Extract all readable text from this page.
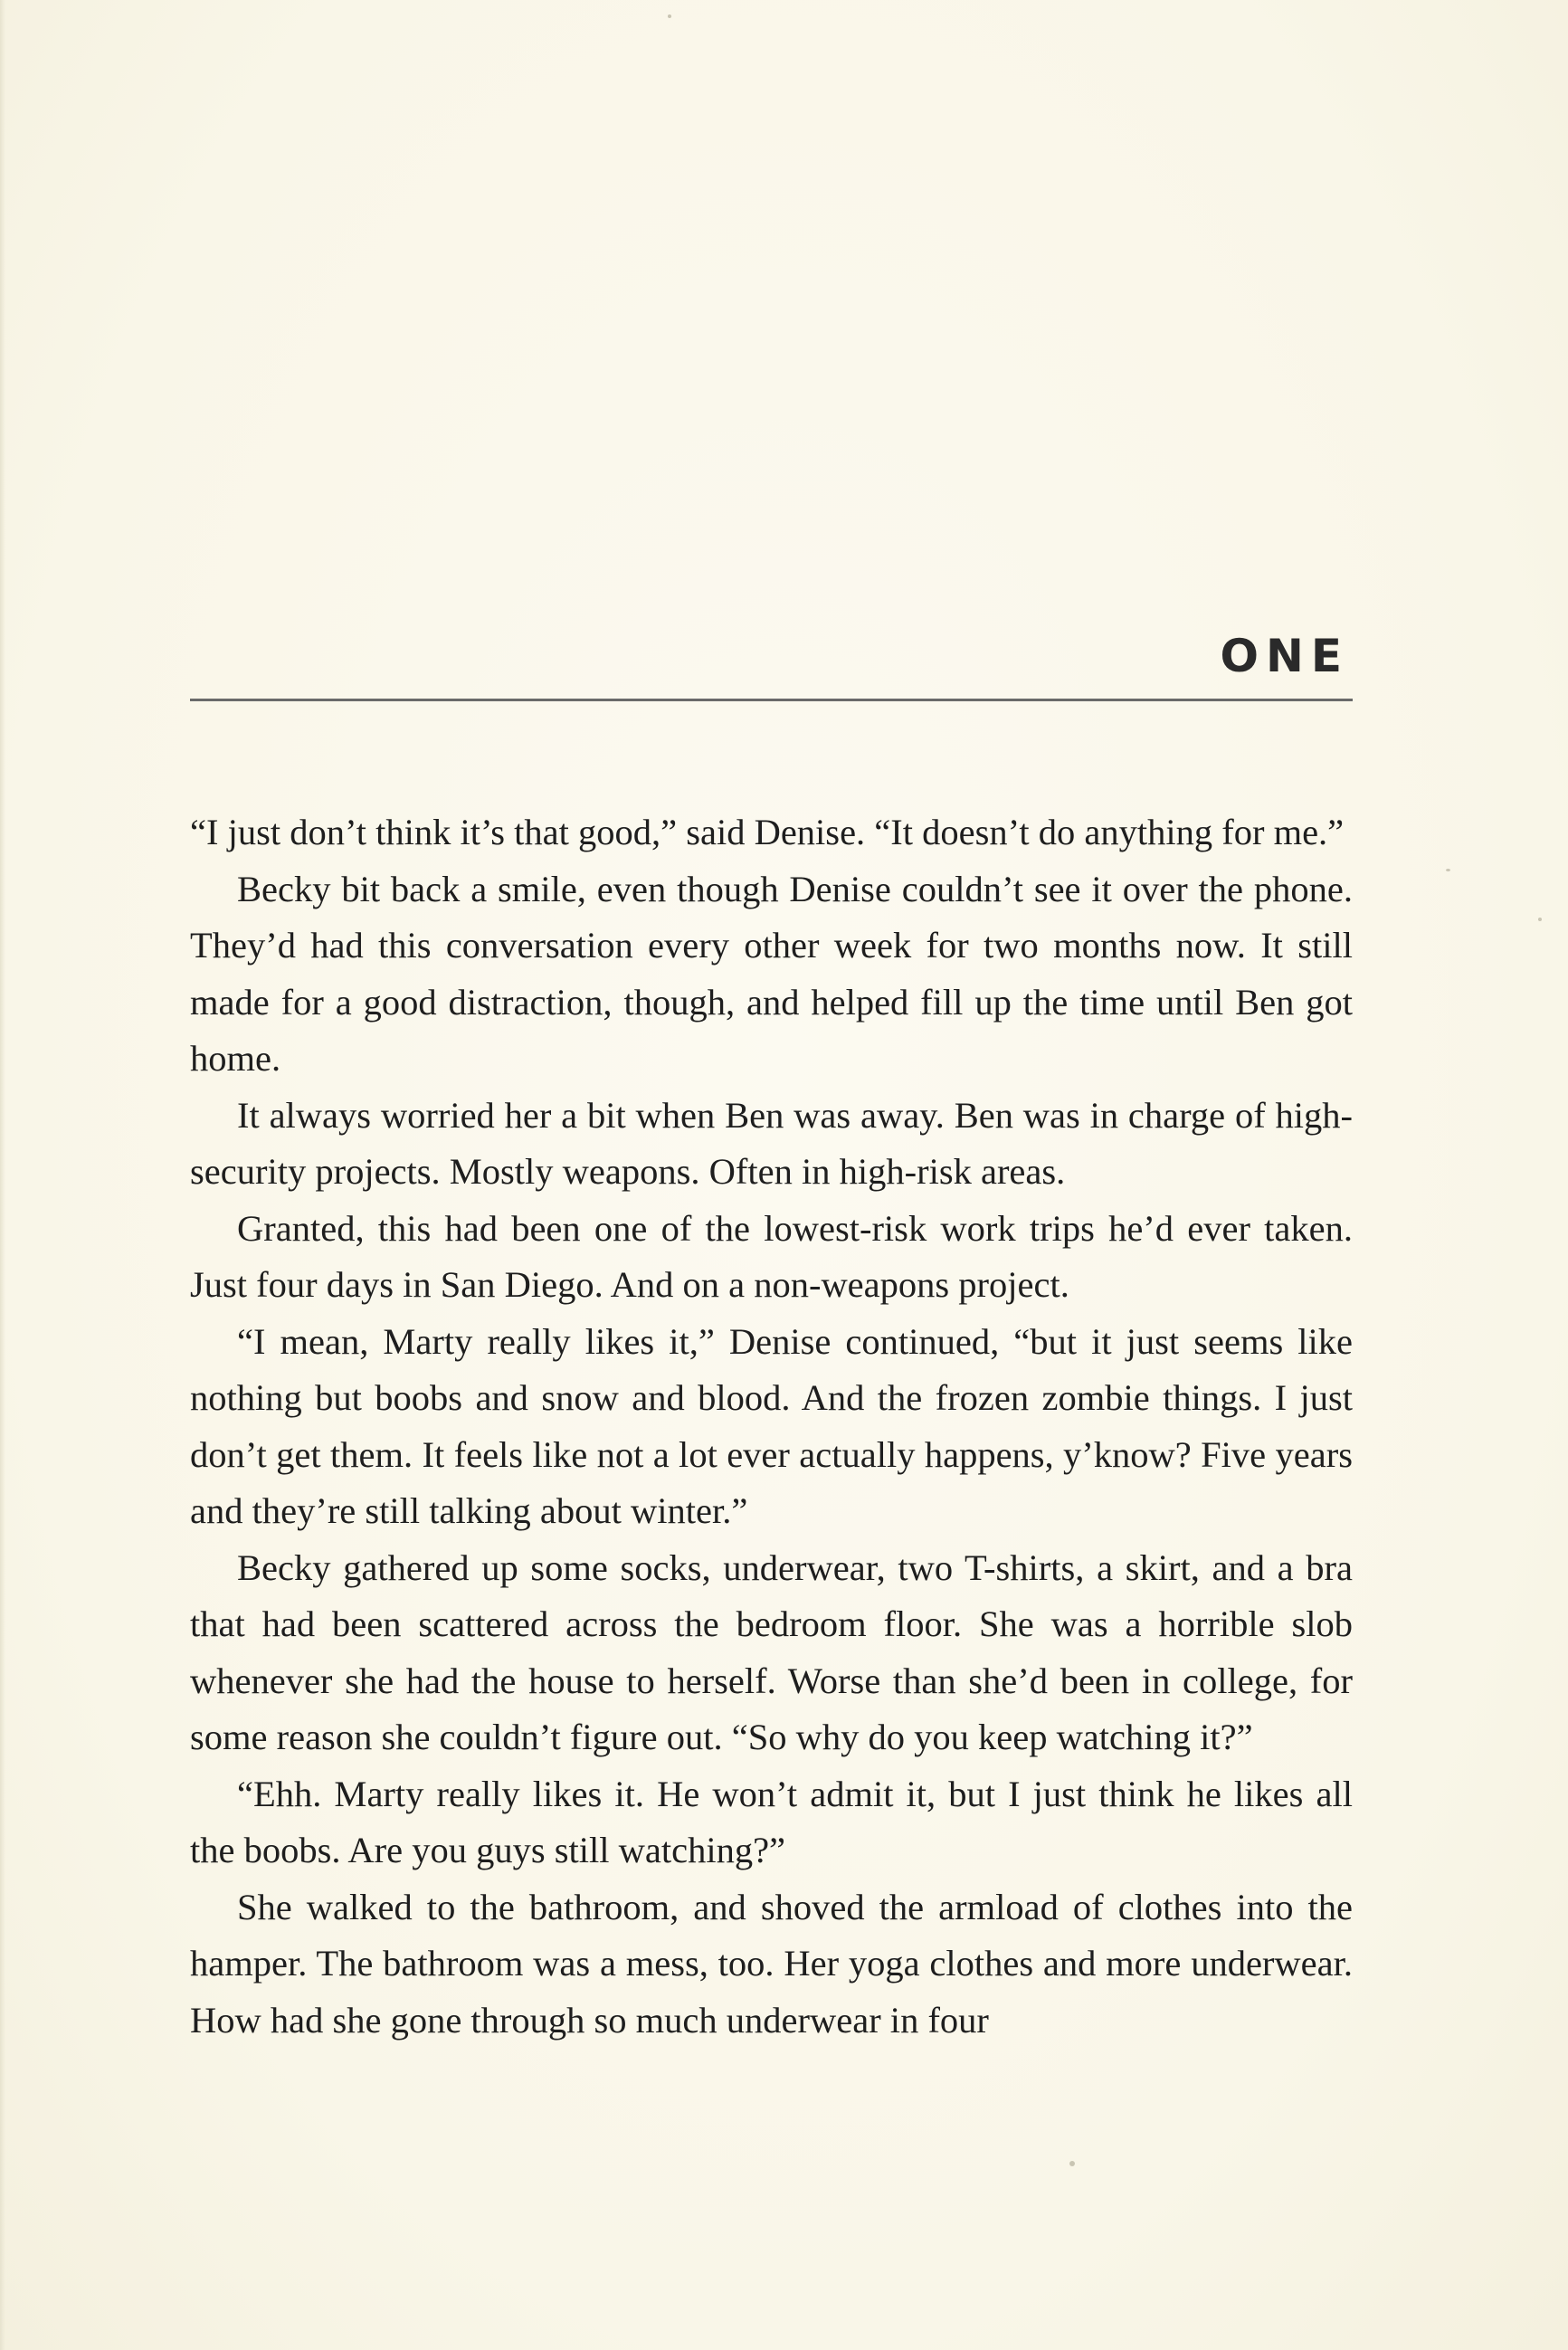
ONE

“I just don’t think it’s that good,” said Denise. “It doesn’t do anything for me.”

Becky bit back a smile, even though Denise couldn’t see it over the phone. They’d had this conversation every other week for two months now. It still made for a good distraction, though, and helped fill up the time until Ben got home.

It always worried her a bit when Ben was away. Ben was in charge of high-security projects. Mostly weapons. Often in high-risk areas.

Granted, this had been one of the lowest-risk work trips he’d ever taken. Just four days in San Diego. And on a non-weapons project.

“I mean, Marty really likes it,” Denise continued, “but it just seems like nothing but boobs and snow and blood. And the frozen zombie things. I just don’t get them. It feels like not a lot ever actually happens, y’know? Five years and they’re still talking about winter.”

Becky gathered up some socks, underwear, two T-shirts, a skirt, and a bra that had been scattered across the bedroom floor. She was a horrible slob whenever she had the house to herself. Worse than she’d been in college, for some reason she couldn’t figure out. “So why do you keep watching it?”

“Ehh. Marty really likes it. He won’t admit it, but I just think he likes all the boobs. Are you guys still watching?”

She walked to the bathroom, and shoved the armload of clothes into the hamper. The bathroom was a mess, too. Her yoga clothes and more underwear. How had she gone through so much underwear in four
